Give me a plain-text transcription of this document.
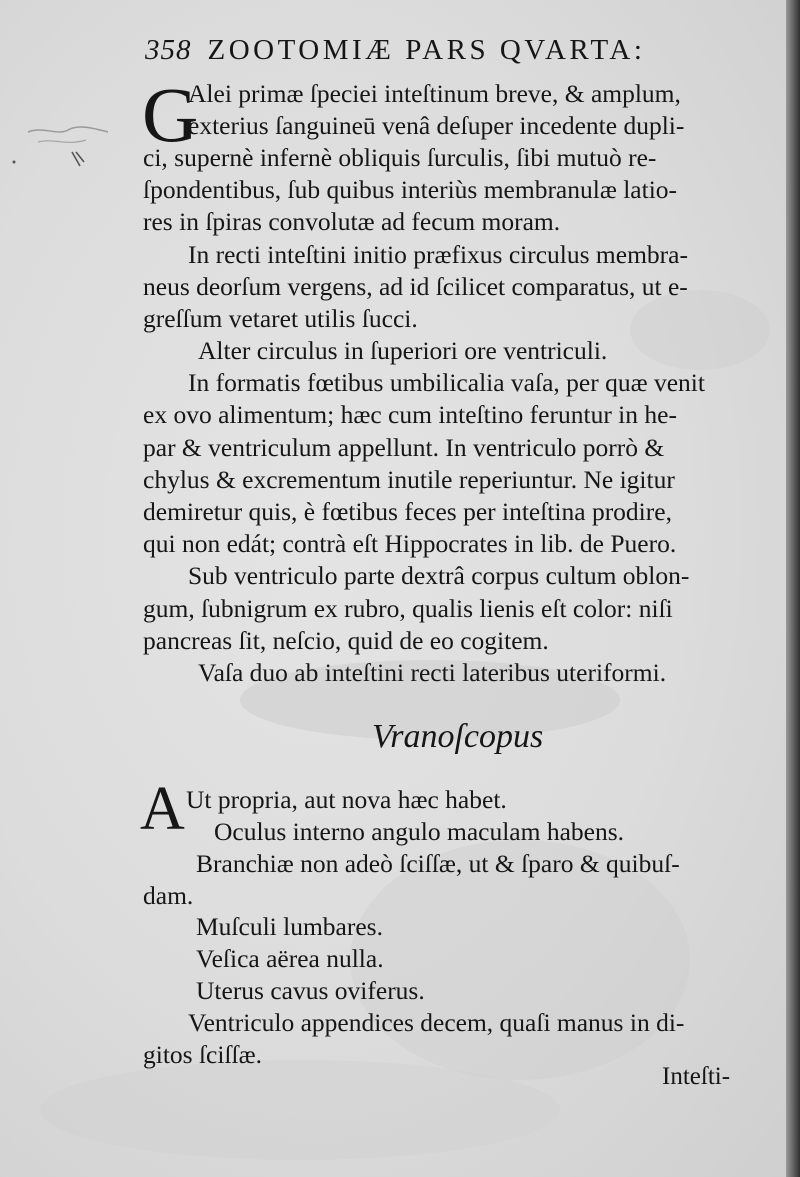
358 ZOOTOMIÆ PARS QVARTA:
G
Alei primæ ſpeciei inteſtinum breve, & amplum,
exterius ſanguineū venâ deſuper incedente dupli-
ci, supernè infernè obliquis ſurculis, ſibi mutuò re-
ſpondentibus, ſub quibus interiùs membranulæ latio-
res in ſpiras convolutæ ad fecum moram.
In recti inteſtini initio præfixus circulus membra-
neus deorſum vergens, ad id ſcilicet comparatus, ut e-
greſſum vetaret utilis ſucci.
Alter circulus in ſuperiori ore ventriculi.
In formatis fœtibus umbilicalia vaſa, per quæ venit
ex ovo alimentum; hæc cum inteſtino feruntur in he-
par & ventriculum appellunt. In ventriculo porrò &
chylus & excrementum inutile reperiuntur. Ne igitur
demiretur quis, è fœtibus feces per inteſtina prodire,
qui non edát; contrà eſt Hippocrates in lib. de Puero.
Sub ventriculo parte dextrâ corpus cultum oblon-
gum, ſubnigrum ex rubro, qualis lienis eſt color: niſi
pancreas ſit, neſcio, quid de eo cogitem.
Vaſa duo ab inteſtini recti lateribus uteriformi.
Vranoſcopus
A Ut propria, aut nova hæc habet.
Oculus interno angulo maculam habens.
Branchiæ non adeò ſciſſæ, ut & ſparo & quibuſ-
dam.
Muſculi lumbares.
Veſica aërea nulla.
Uterus cavus oviferus.
Ventriculo appendices decem, quaſi manus in di-
gitos ſciſſæ.
Inteſti-
